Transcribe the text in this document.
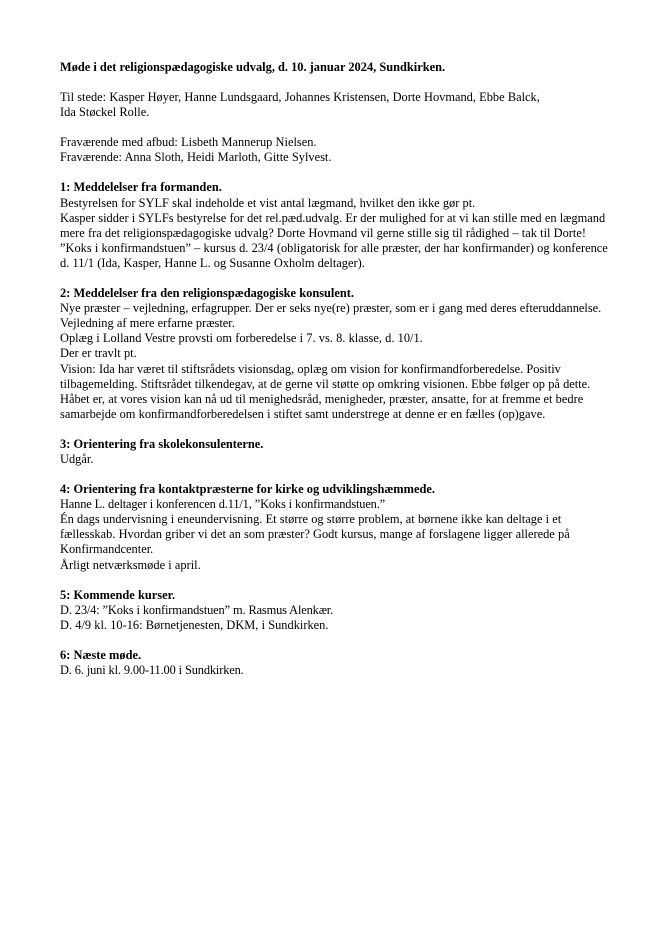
Møde i det religionspædagogiske udvalg, d. 10. januar 2024, Sundkirken.

Til stede: Kasper Høyer, Hanne Lundsgaard, Johannes Kristensen, Dorte Hovmand, Ebbe Balck,
Ida Støckel Rolle.

Fraværende med afbud: Lisbeth Mannerup Nielsen.
Fraværende: Anna Sloth, Heidi Marloth, Gitte Sylvest.

1: Meddelelser fra formanden.
Bestyrelsen for SYLF skal indeholde et vist antal lægmand, hvilket den ikke gør pt.
Kasper sidder i SYLFs bestyrelse for det rel.pæd.udvalg. Er der mulighed for at vi kan stille med en lægmand mere fra det religionspædagogiske udvalg? Dorte Hovmand vil gerne stille sig til rådighed – tak til Dorte! ”Koks i konfirmandstuen” – kursus d. 23/4 (obligatorisk for alle præster, der har konfirmander) og konference d. 11/1 (Ida, Kasper, Hanne L. og Susanne Oxholm deltager).

2: Meddelelser fra den religionspædagogiske konsulent.
Nye præster – vejledning, erfagrupper. Der er seks nye(re) præster, som er i gang med deres efteruddannelse.
Vejledning af mere erfarne præster.
Oplæg i Lolland Vestre provsti om forberedelse i 7. vs. 8. klasse, d. 10/1.
Der er travlt pt.
Vision: Ida har været til stiftsrådets visionsdag, oplæg om vision for konfirmandforberedelse. Positiv tilbagemelding. Stiftsrådet tilkendegav, at de gerne vil støtte op omkring visionen. Ebbe følger op på dette. Håbet er, at vores vision kan nå ud til menighedsråd, menigheder, præster, ansatte, for at fremme et bedre samarbejde om konfirmandforberedelsen i stiftet samt understrege at denne er en fælles (op)gave.

3: Orientering fra skolekonsulenterne.
Udgår.

4: Orientering fra kontaktpræsterne for kirke og udviklingshæmmede.
Hanne L. deltager i konferencen d.11/1, ”Koks i konfirmandstuen.”
Én dags undervisning i eneundervisning. Et større og større problem, at børnene ikke kan deltage i et fællesskab. Hvordan griber vi det an som præster? Godt kursus, mange af forslagene ligger allerede på Konfirmandcenter.
Årligt netværksmøde i april.

5: Kommende kurser.
D. 23/4: ”Koks i konfirmandstuen” m. Rasmus Alenkær.
D. 4/9 kl. 10-16: Børnetjenesten, DKM, i Sundkirken.

6: Næste møde.
D. 6. juni kl. 9.00-11.00 i Sundkirken.
